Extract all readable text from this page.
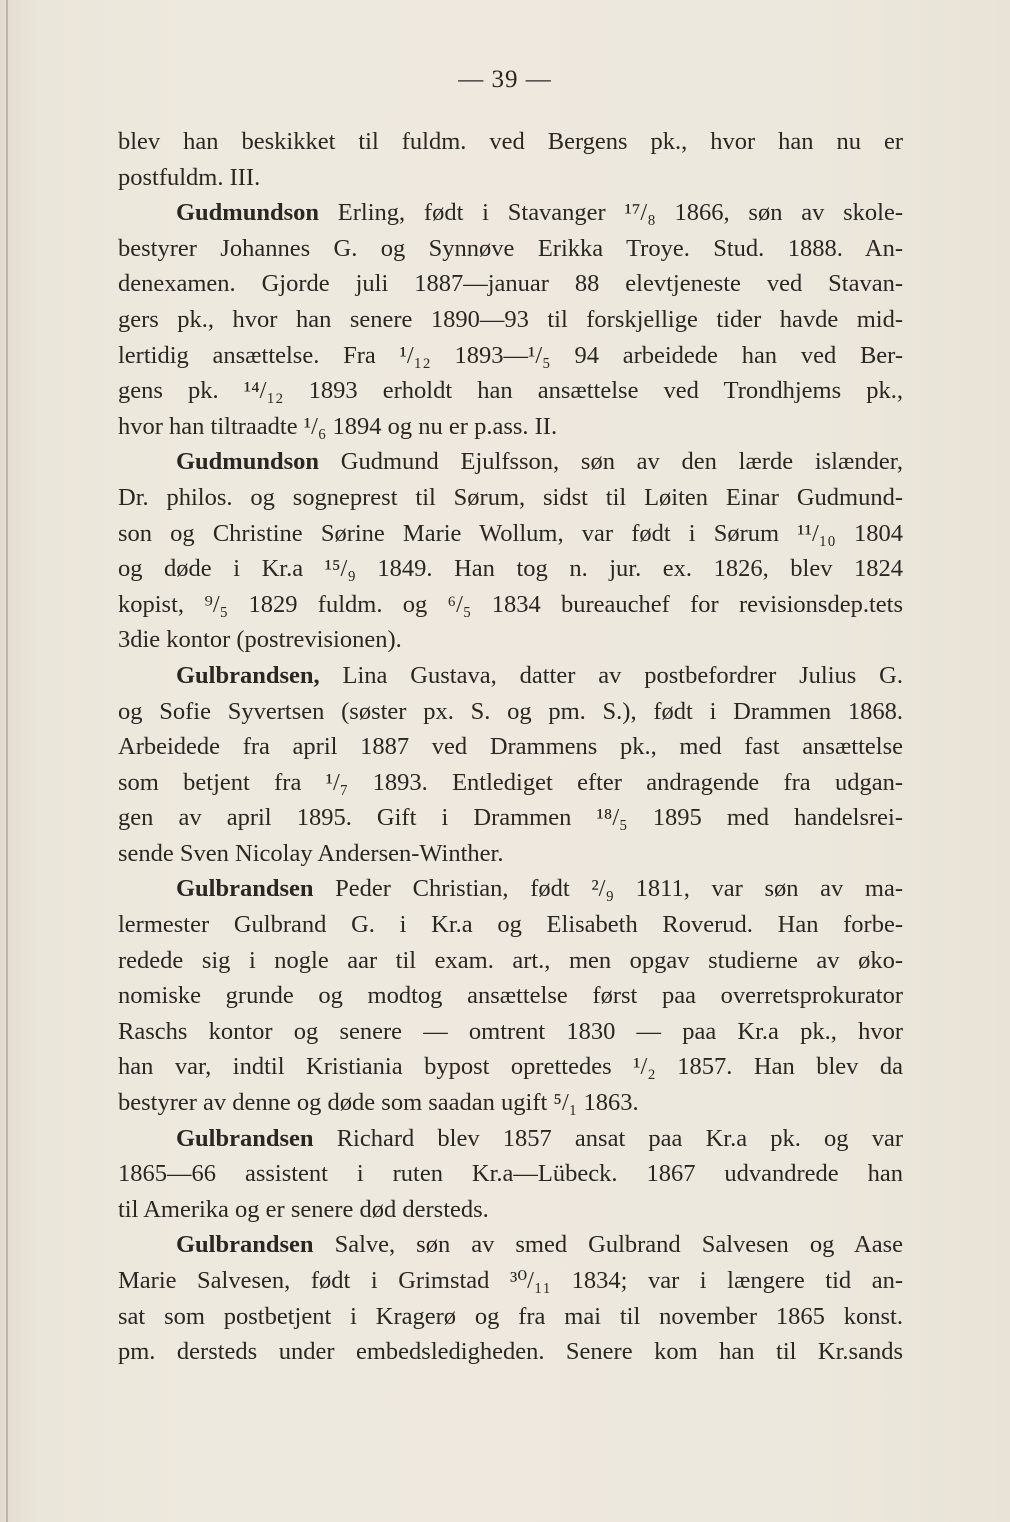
— 39 —
blev han beskikket til fuldm. ved Bergens pk., hvor han nu er
postfuldm. III.
Gudmundson Erling, født i Stavanger ¹⁷/₈ 1866, søn av skole-
bestyrer Johannes G. og Synnøve Erikka Troye. Stud. 1888. An-
denexamen. Gjorde juli 1887—januar 88 elevtjeneste ved Stavan-
gers pk., hvor han senere 1890—93 til forskjellige tider havde mid-
lertidig ansættelse. Fra ¹/₁₂ 1893—¹/₅ 94 arbeidede han ved Ber-
gens pk. ¹⁴/₁₂ 1893 erholdt han ansættelse ved Trondhjems pk.,
hvor han tiltraadte ¹/₆ 1894 og nu er p.ass. II.
Gudmundson Gudmund Ejulfsson, søn av den lærde islænder,
Dr. philos. og sogneprest til Sørum, sidst til Løiten Einar Gudmund-
son og Christine Sørine Marie Wollum, var født i Sørum ¹¹/₁₀ 1804
og døde i Kr.a ¹⁵/₉ 1849. Han tog n. jur. ex. 1826, blev 1824
kopist, ⁹/₅ 1829 fuldm. og ⁶/₅ 1834 bureauchef for revisionsdep.tets
3die kontor (postrevisionen).
Gulbrandsen, Lina Gustava, datter av postbefordrer Julius G.
og Sofie Syvertsen (søster px. S. og pm. S.), født i Drammen 1868.
Arbeidede fra april 1887 ved Drammens pk., med fast ansættelse
som betjent fra ¹/₇ 1893. Entlediget efter andragende fra udgan-
gen av april 1895. Gift i Drammen ¹⁸/₅ 1895 med handelsrei-
sende Sven Nicolay Andersen-Winther.
Gulbrandsen Peder Christian, født ²/₉ 1811, var søn av ma-
lermester Gulbrand G. i Kr.a og Elisabeth Roverud. Han forbe-
redede sig i nogle aar til exam. art., men opgav studierne av øko-
nomiske grunde og modtog ansættelse først paa overretsprokurator
Raschs kontor og senere — omtrent 1830 — paa Kr.a pk., hvor
han var, indtil Kristiania bypost oprettedes ¹/₂ 1857. Han blev da
bestyrer av denne og døde som saadan ugift ⁵/₁ 1863.
Gulbrandsen Richard blev 1857 ansat paa Kr.a pk. og var
1865—66 assistent i ruten Kr.a—Lübeck. 1867 udvandrede han
til Amerika og er senere død dersteds.
Gulbrandsen Salve, søn av smed Gulbrand Salvesen og Aase
Marie Salvesen, født i Grimstad ³⁰/₁₁ 1834; var i længere tid an-
sat som postbetjent i Kragerø og fra mai til november 1865 konst.
pm. dersteds under embedsledigheden. Senere kom han til Kr.sands
